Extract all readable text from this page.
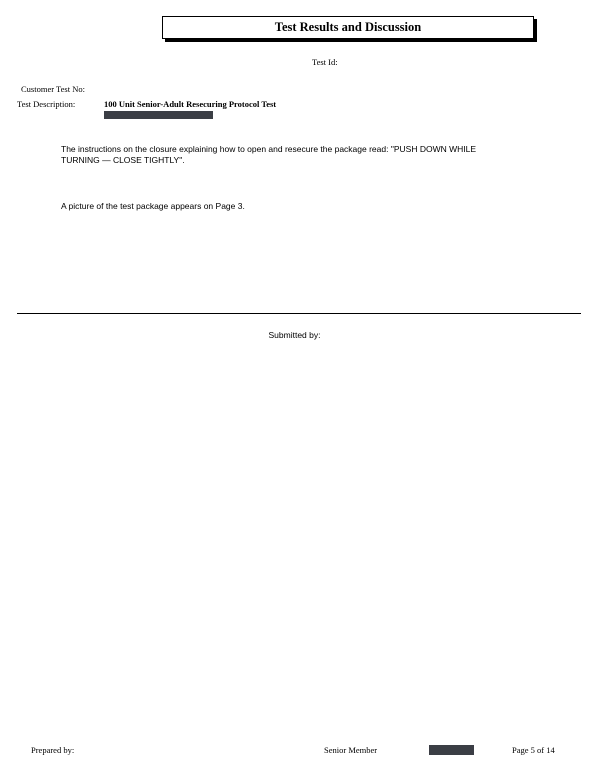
Test Results and Discussion
Test Id:
Customer Test No:
Test Description:	100 Unit Senior-Adult Resecuring Protocol Test
The instructions on the closure explaining how to open and resecure the package read: "PUSH DOWN WHILE TURNING — CLOSE TIGHTLY".
A picture of the test package appears on Page 3.
Submitted by:
Prepared by:	Senior Member	Page 5 of 14
